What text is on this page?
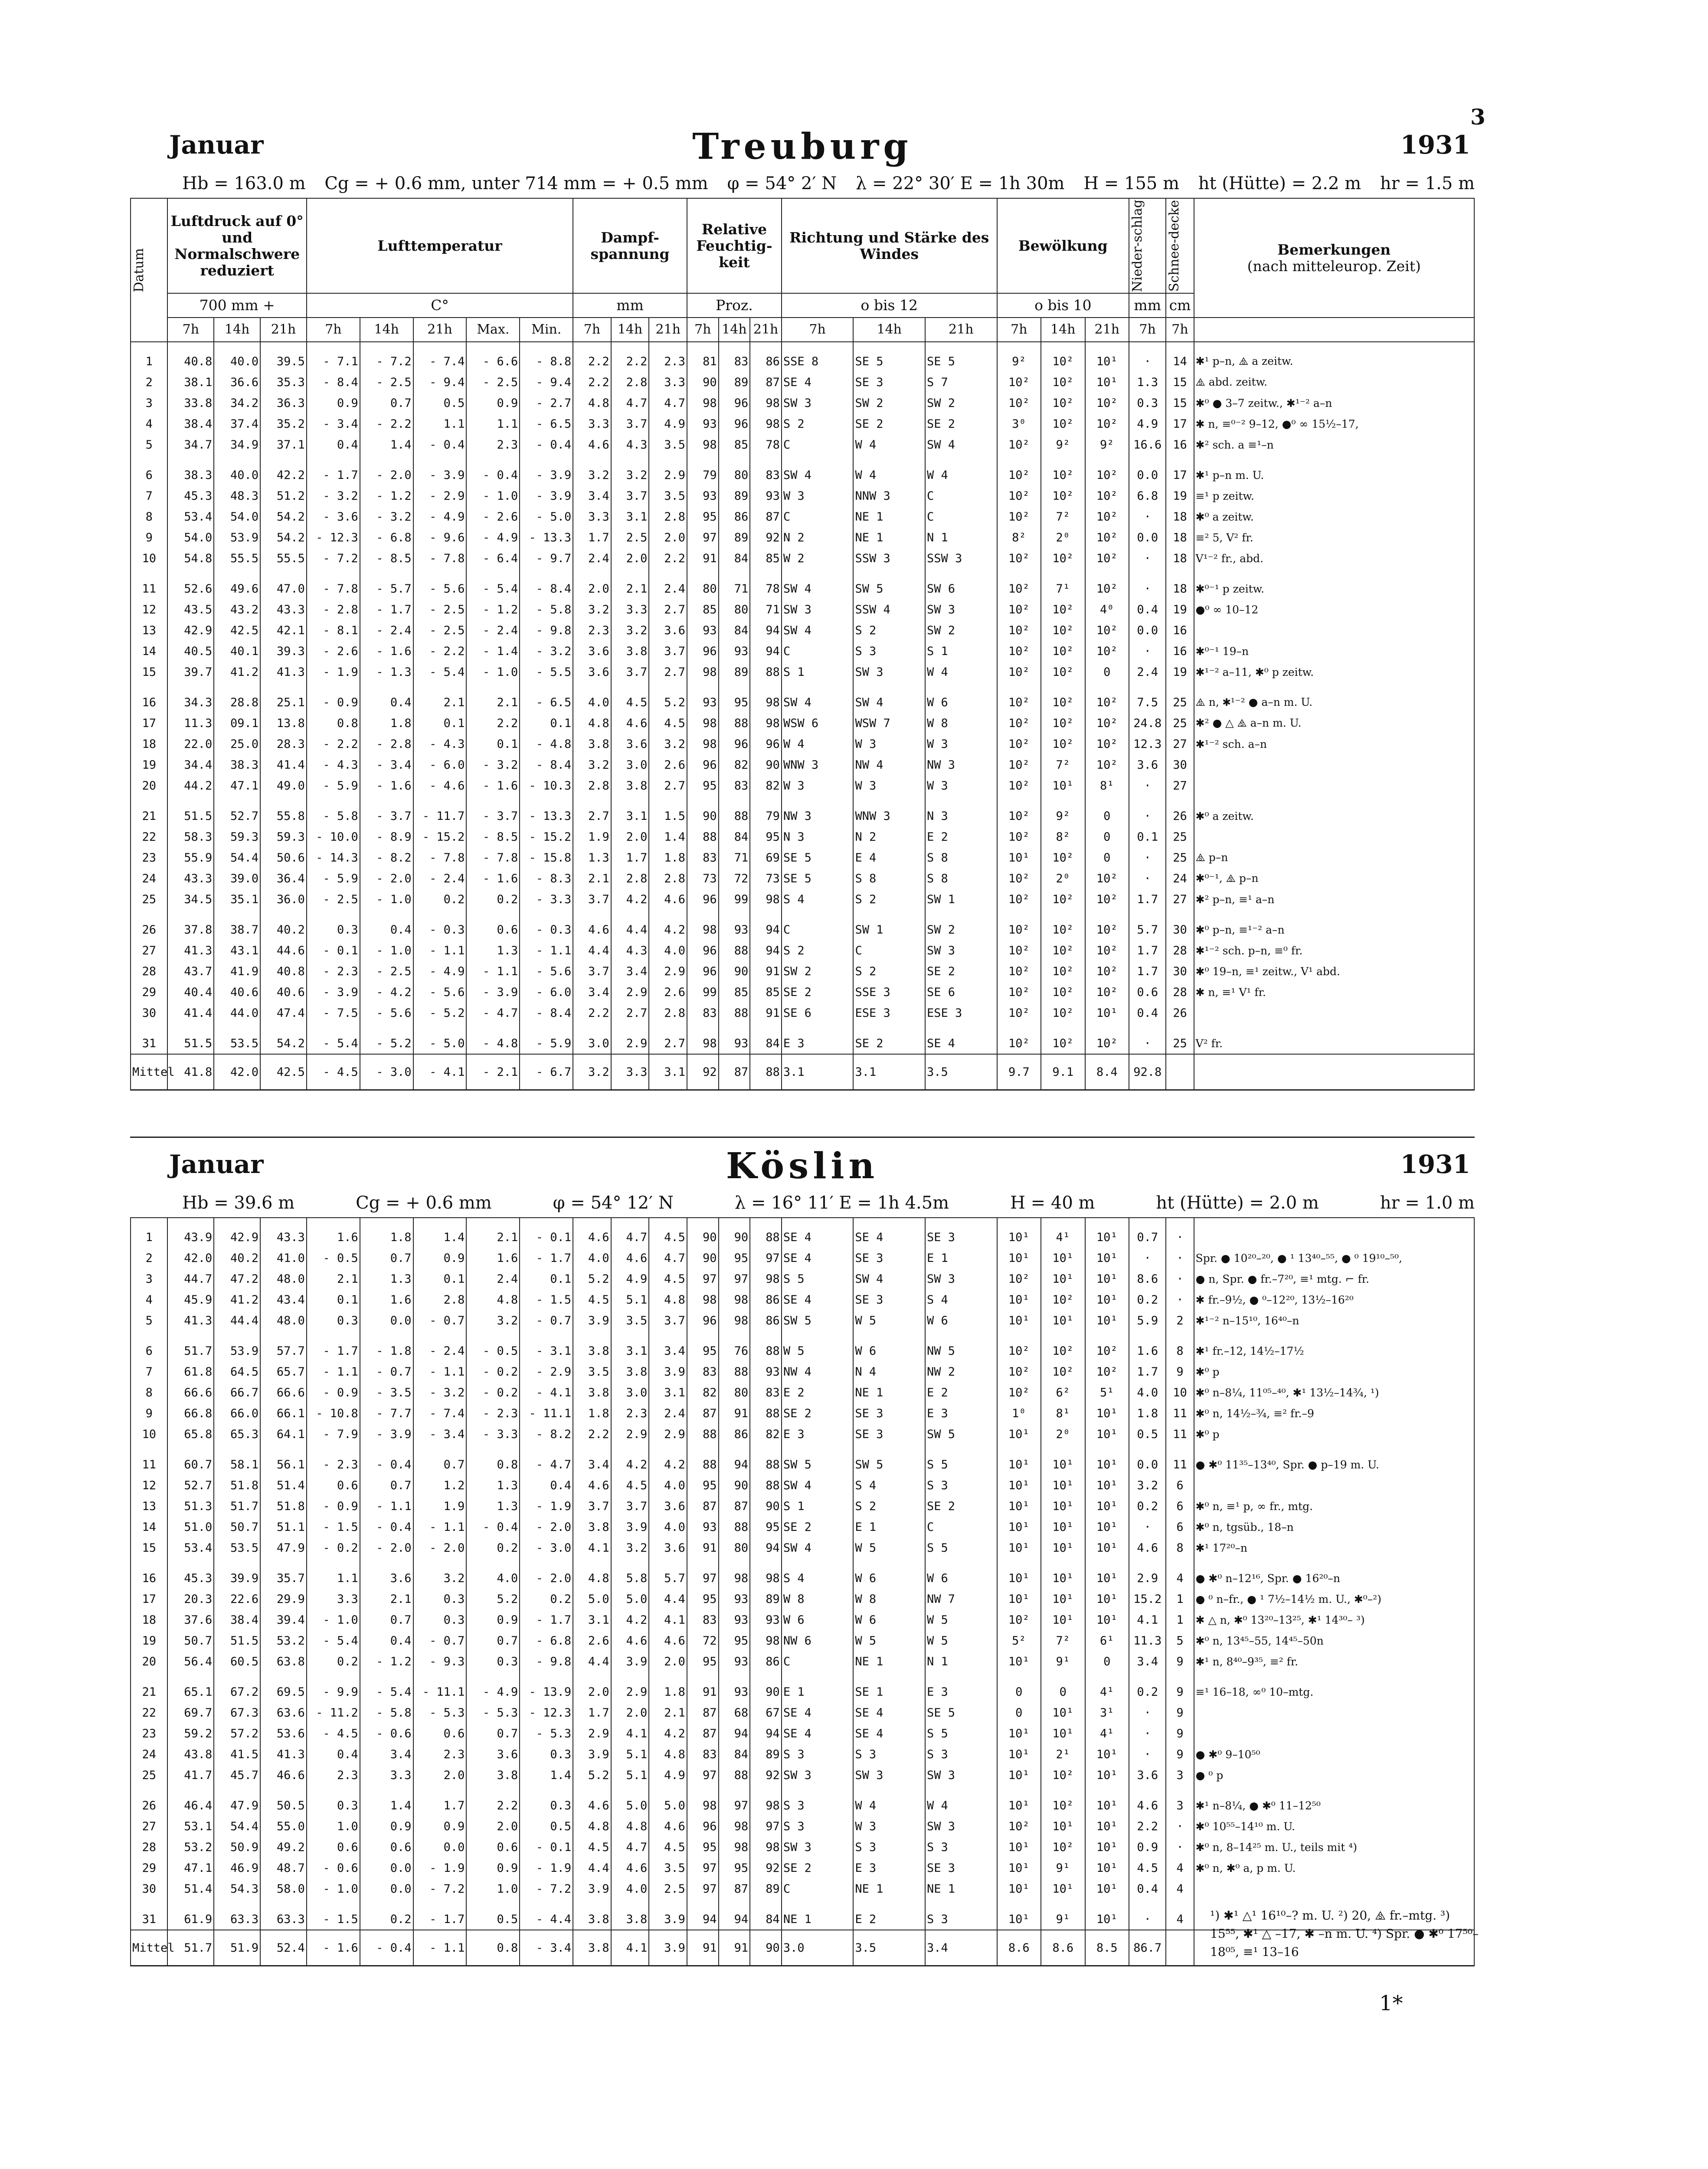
3
Januar	Treuburg	1931
Hb = 163.0 m Cg = + 0.6 mm, unter 714 mm = + 0.5 mm φ = 54° 2′ N λ = 22° 30′ E = 1h 30m H = 155 m ht (Hütte) = 2.2 m hr = 1.5 m
Datum	Luftdruck auf 0° und Normalschwere reduziert			Lufttemperatur					Dampf-spannung			Relative Feuchtig-keit			Richtung und Stärke des Windes			Bewölkung			Nieder-schlag	Schnee-decke	Bemerkungen
(nach mitteleurop. Zeit)

	700 mm +			C°					mm			Proz.			o bis 12			o bis 10			mm	cm	
	7h	14h	21h	7h	14h	21h	Max.	Min.	7h	14h	21h	7h	14h	21h	7h	14h	21h	7h	14h	21h	7h	7h	
1	40.8	40.0	39.5	- 7.1	- 7.2	- 7.4	- 6.6	- 8.8	2.2	2.2	2.3	81	83	86	SSE 8	SE 5	SE 5	9²	10²	10¹	·	14	✱¹ p–n, ⧌ a zeitw.
2	38.1	36.6	35.3	- 8.4	- 2.5	- 9.4	- 2.5	- 9.4	2.2	2.8	3.3	90	89	87	SE 4	SE 3	S 7	10²	10²	10¹	1.3	15	⧌ abd. zeitw.
3	33.8	34.2	36.3	0.9	0.7	0.5	0.9	- 2.7	4.8	4.7	4.7	98	96	98	SW 3	SW 2	SW 2	10²	10²	10²	0.3	15	✱⁰ ● 3–7 zeitw., ✱¹⁻² a–n
4	38.4	37.4	35.2	- 3.4	- 2.2	1.1	1.1	- 6.5	3.3	3.7	4.9	93	96	98	S 2	SE 2	SE 2	3⁰	10²	10²	4.9	17	✱ n, ≡⁰⁻² 9–12, ●⁰ ∞ 15½–17,
5	34.7	34.9	37.1	0.4	1.4	- 0.4	2.3	- 0.4	4.6	4.3	3.5	98	85	78	C	W 4	SW 4	10²	9²	9²	16.6	16	✱² sch. a ≡¹–n
6	38.3	40.0	42.2	- 1.7	- 2.0	- 3.9	- 0.4	- 3.9	3.2	3.2	2.9	79	80	83	SW 4	W 4	W 4	10²	10²	10²	0.0	17	✱¹ p–n m. U.
7	45.3	48.3	51.2	- 3.2	- 1.2	- 2.9	- 1.0	- 3.9	3.4	3.7	3.5	93	89	93	W 3	NNW 3	C	10²	10²	10²	6.8	19	≡¹ p zeitw.
8	53.4	54.0	54.2	- 3.6	- 3.2	- 4.9	- 2.6	- 5.0	3.3	3.1	2.8	95	86	87	C	NE 1	C	10²	7²	10²	·	18	✱⁰ a zeitw.
9	54.0	53.9	54.2	- 12.3	- 6.8	- 9.6	- 4.9	- 13.3	1.7	2.5	2.0	97	89	92	N 2	NE 1	N 1	8²	2⁰	10²	0.0	18	≡² 5, V² fr.
10	54.8	55.5	55.5	- 7.2	- 8.5	- 7.8	- 6.4	- 9.7	2.4	2.0	2.2	91	84	85	W 2	SSW 3	SSW 3	10²	10²	10²	·	18	V¹⁻² fr., abd.
11	52.6	49.6	47.0	- 7.8	- 5.7	- 5.6	- 5.4	- 8.4	2.0	2.1	2.4	80	71	78	SW 4	SW 5	SW 6	10²	7¹	10²	·	18	✱⁰⁻¹ p zeitw.
12	43.5	43.2	43.3	- 2.8	- 1.7	- 2.5	- 1.2	- 5.8	3.2	3.3	2.7	85	80	71	SW 3	SSW 4	SW 3	10²	10²	4⁰	0.4	19	●⁰ ∞ 10–12
13	42.9	42.5	42.1	- 8.1	- 2.4	- 2.5	- 2.4	- 9.8	2.3	3.2	3.6	93	84	94	SW 4	S 2	SW 2	10²	10²	10²	0.0	16	
14	40.5	40.1	39.3	- 2.6	- 1.6	- 2.2	- 1.4	- 3.2	3.6	3.8	3.7	96	93	94	C	S 3	S 1	10²	10²	10²	·	16	✱⁰⁻¹ 19–n
15	39.7	41.2	41.3	- 1.9	- 1.3	- 5.4	- 1.0	- 5.5	3.6	3.7	2.7	98	89	88	S 1	SW 3	W 4	10²	10²	0	2.4	19	✱¹⁻² a–11, ✱⁰ p zeitw.
16	34.3	28.8	25.1	- 0.9	0.4	2.1	2.1	- 6.5	4.0	4.5	5.2	93	95	98	SW 4	SW 4	W 6	10²	10²	10²	7.5	25	⧌ n, ✱¹⁻² ● a–n m. U.
17	11.3	09.1	13.8	0.8	1.8	0.1	2.2	0.1	4.8	4.6	4.5	98	88	98	WSW 6	WSW 7	W 8	10²	10²	10²	24.8	25	✱² ● △ ⧌ a–n m. U.
18	22.0	25.0	28.3	- 2.2	- 2.8	- 4.3	0.1	- 4.8	3.8	3.6	3.2	98	96	96	W 4	W 3	W 3	10²	10²	10²	12.3	27	✱¹⁻² sch. a–n
19	34.4	38.3	41.4	- 4.3	- 3.4	- 6.0	- 3.2	- 8.4	3.2	3.0	2.6	96	82	90	WNW 3	NW 4	NW 3	10²	7²	10²	3.6	30	
20	44.2	47.1	49.0	- 5.9	- 1.6	- 4.6	- 1.6	- 10.3	2.8	3.8	2.7	95	83	82	W 3	W 3	W 3	10²	10¹	8¹	·	27	
21	51.5	52.7	55.8	- 5.8	- 3.7	- 11.7	- 3.7	- 13.3	2.7	3.1	1.5	90	88	79	NW 3	WNW 3	N 3	10²	9²	0	·	26	✱⁰ a zeitw.
22	58.3	59.3	59.3	- 10.0	- 8.9	- 15.2	- 8.5	- 15.2	1.9	2.0	1.4	88	84	95	N 3	N 2	E 2	10²	8²	0	0.1	25	
23	55.9	54.4	50.6	- 14.3	- 8.2	- 7.8	- 7.8	- 15.8	1.3	1.7	1.8	83	71	69	SE 5	E 4	S 8	10¹	10²	0	·	25	⧌ p–n
24	43.3	39.0	36.4	- 5.9	- 2.0	- 2.4	- 1.6	- 8.3	2.1	2.8	2.8	73	72	73	SE 5	S 8	S 8	10²	2⁰	10²	·	24	✱⁰⁻¹, ⧌ p–n
25	34.5	35.1	36.0	- 2.5	- 1.0	0.2	0.2	- 3.3	3.7	4.2	4.6	96	99	98	S 4	S 2	SW 1	10²	10²	10²	1.7	27	✱² p–n, ≡¹ a–n
26	37.8	38.7	40.2	0.3	0.4	- 0.3	0.6	- 0.3	4.6	4.4	4.2	98	93	94	C	SW 1	SW 2	10²	10²	10²	5.7	30	✱⁰ p–n, ≡¹⁻² a–n
27	41.3	43.1	44.6	- 0.1	- 1.0	- 1.1	1.3	- 1.1	4.4	4.3	4.0	96	88	94	S 2	C	SW 3	10²	10²	10²	1.7	28	✱¹⁻² sch. p–n, ≡⁰ fr.
28	43.7	41.9	40.8	- 2.3	- 2.5	- 4.9	- 1.1	- 5.6	3.7	3.4	2.9	96	90	91	SW 2	S 2	SE 2	10²	10²	10²	1.7	30	✱⁰ 19–n, ≡¹ zeitw., V¹ abd.
29	40.4	40.6	40.6	- 3.9	- 4.2	- 5.6	- 3.9	- 6.0	3.4	2.9	2.6	99	85	85	SE 2	SSE 3	SE 6	10²	10²	10²	0.6	28	✱ n, ≡¹ V¹ fr.
30	41.4	44.0	47.4	- 7.5	- 5.6	- 5.2	- 4.7	- 8.4	2.2	2.7	2.8	83	88	91	SE 6	ESE 3	ESE 3	10²	10²	10¹	0.4	26	
31	51.5	53.5	54.2	- 5.4	- 5.2	- 5.0	- 4.8	- 5.9	3.0	2.9	2.7	98	93	84	E 3	SE 2	SE 4	10²	10²	10²	·	25	V² fr.
Mittel	41.8	42.0	42.5	- 4.5	- 3.0	- 4.1	- 2.1	- 6.7	3.2	3.3	3.1	92	87	88	3.1	3.1	3.5	9.7	9.1	8.4	92.8		
Januar	Köslin	1931
Hb = 39.6 m	Cg = + 0.6 mm	φ = 54° 12′ N	λ = 16° 11′ E = 1h 4.5m	H = 40 m	ht (Hütte) = 2.0 m	hr = 1.0 m
1	43.9	42.9	43.3	1.6	1.8	1.4	2.1	- 0.1	4.6	4.7	4.5	90	90	88	SE 4	SE 4	SE 3	10¹	4¹	10¹	0.7	·	
2	42.0	40.2	41.0	- 0.5	0.7	0.9	1.6	- 1.7	4.0	4.6	4.7	90	95	97	SE 4	SE 3	E 1	10¹	10¹	10¹	·	·	Spr. ● 10²⁰–²⁰, ● ¹ 13⁴⁰–⁵⁵, ● ⁰ 19¹⁰–⁵⁰,
3	44.7	47.2	48.0	2.1	1.3	0.1	2.4	0.1	5.2	4.9	4.5	97	97	98	S 5	SW 4	SW 3	10²	10¹	10¹	8.6	·	● n, Spr. ● fr.–7²⁰, ≡¹ mtg. ⌐ fr.
4	45.9	41.2	43.4	0.1	1.6	2.8	4.8	- 1.5	4.5	5.1	4.8	98	98	86	SE 4	SE 3	S 4	10¹	10²	10¹	0.2	·	✱ fr.–9½, ● ⁰–12²⁰, 13½–16²⁰
5	41.3	44.4	48.0	0.3	0.0	- 0.7	3.2	- 0.7	3.9	3.5	3.7	96	98	86	SW 5	W 5	W 6	10¹	10¹	10¹	5.9	2	✱¹⁻² n–15¹⁰, 16⁴⁰–n
6	51.7	53.9	57.7	- 1.7	- 1.8	- 2.4	- 0.5	- 3.1	3.8	3.1	3.4	95	76	88	W 5	W 6	NW 5	10²	10²	10²	1.6	8	✱¹ fr.–12, 14½–17½
7	61.8	64.5	65.7	- 1.1	- 0.7	- 1.1	- 0.2	- 2.9	3.5	3.8	3.9	83	88	93	NW 4	N 4	NW 2	10²	10²	10²	1.7	9	✱⁰ p
8	66.6	66.7	66.6	- 0.9	- 3.5	- 3.2	- 0.2	- 4.1	3.8	3.0	3.1	82	80	83	E 2	NE 1	E 2	10²	6²	5¹	4.0	10	✱⁰ n–8¼, 11⁰⁵–⁴⁰, ✱¹ 13½–14¾, ¹)
9	66.8	66.0	66.1	- 10.8	- 7.7	- 7.4	- 2.3	- 11.1	1.8	2.3	2.4	87	91	88	SE 2	SE 3	E 3	1⁰	8¹	10¹	1.8	11	✱⁰ n, 14½–¾, ≡² fr.–9
10	65.8	65.3	64.1	- 7.9	- 3.9	- 3.4	- 3.3	- 8.2	2.2	2.9	2.9	88	86	82	E 3	SE 3	SW 5	10¹	2⁰	10¹	0.5	11	✱⁰ p
11	60.7	58.1	56.1	- 2.3	- 0.4	0.7	0.8	- 4.7	3.4	4.2	4.2	88	94	88	SW 5	SW 5	S 5	10¹	10¹	10¹	0.0	11	● ✱⁰ 11³⁵–13⁴⁰, Spr. ● p–19 m. U.
12	52.7	51.8	51.4	0.6	0.7	1.2	1.3	0.4	4.6	4.5	4.0	95	90	88	SW 4	S 4	S 3	10¹	10¹	10¹	3.2	6	
13	51.3	51.7	51.8	- 0.9	- 1.1	1.9	1.3	- 1.9	3.7	3.7	3.6	87	87	90	S 1	S 2	SE 2	10¹	10¹	10¹	0.2	6	✱⁰ n, ≡¹ p, ∞ fr., mtg.
14	51.0	50.7	51.1	- 1.5	- 0.4	- 1.1	- 0.4	- 2.0	3.8	3.9	4.0	93	88	95	SE 2	E 1	C	10¹	10¹	10¹	·	6	✱⁰ n, tgsüb., 18–n
15	53.4	53.5	47.9	- 0.2	- 2.0	- 2.0	0.2	- 3.0	4.1	3.2	3.6	91	80	94	SW 4	W 5	S 5	10¹	10¹	10¹	4.6	8	✱¹ 17²⁰–n
16	45.3	39.9	35.7	1.1	3.6	3.2	4.0	- 2.0	4.8	5.8	5.7	97	98	98	S 4	W 6	W 6	10¹	10¹	10¹	2.9	4	● ✱⁰ n–12¹⁶, Spr. ● 16²⁰–n
17	20.3	22.6	29.9	3.3	2.1	0.3	5.2	0.2	5.0	5.0	4.4	95	93	89	W 8	W 8	NW 7	10¹	10¹	10¹	15.2	1	● ⁰ n–fr., ● ¹ 7½–14½ m. U., ✱⁰–²)
18	37.6	38.4	39.4	- 1.0	0.7	0.3	0.9	- 1.7	3.1	4.2	4.1	83	93	93	W 6	W 6	W 5	10²	10¹	10¹	4.1	1	✱ △ n, ✱⁰ 13²⁰–13²⁵, ✱¹ 14³⁰– ³)
19	50.7	51.5	53.2	- 5.4	0.4	- 0.7	0.7	- 6.8	2.6	4.6	4.6	72	95	98	NW 6	W 5	W 5	5²	7²	6¹	11.3	5	✱⁰ n, 13⁴⁵–55, 14⁴⁵–50n
20	56.4	60.5	63.8	0.2	- 1.2	- 9.3	0.3	- 9.8	4.4	3.9	2.0	95	93	86	C	NE 1	N 1	10¹	9¹	0	3.4	9	✱¹ n, 8⁴⁰–9³⁵, ≡² fr.
21	65.1	67.2	69.5	- 9.9	- 5.4	- 11.1	- 4.9	- 13.9	2.0	2.9	1.8	91	93	90	E 1	SE 1	E 3	0	0	4¹	0.2	9	≡¹ 16–18, ∞⁰ 10–mtg.
22	69.7	67.3	63.6	- 11.2	- 5.8	- 5.3	- 5.3	- 12.3	1.7	2.0	2.1	87	68	67	SE 4	SE 4	SE 5	0	10¹	3¹	·	9	
23	59.2	57.2	53.6	- 4.5	- 0.6	0.6	0.7	- 5.3	2.9	4.1	4.2	87	94	94	SE 4	SE 4	S 5	10¹	10¹	4¹	·	9	
24	43.8	41.5	41.3	0.4	3.4	2.3	3.6	0.3	3.9	5.1	4.8	83	84	89	S 3	S 3	S 3	10¹	2¹	10¹	·	9	● ✱⁰ 9–10⁵⁰
25	41.7	45.7	46.6	2.3	3.3	2.0	3.8	1.4	5.2	5.1	4.9	97	88	92	SW 3	SW 3	SW 3	10¹	10²	10¹	3.6	3	● ⁰ p
26	46.4	47.9	50.5	0.3	1.4	1.7	2.2	0.3	4.6	5.0	5.0	98	97	98	S 3	W 4	W 4	10¹	10²	10¹	4.6	3	✱¹ n–8¼, ● ✱⁰ 11–12⁵⁰
27	53.1	54.4	55.0	1.0	0.9	0.9	2.0	0.5	4.8	4.8	4.6	96	98	97	S 3	W 3	SW 3	10²	10¹	10¹	2.2	·	✱⁰ 10⁵⁵–14¹⁰ m. U.
28	53.2	50.9	49.2	0.6	0.6	0.0	0.6	- 0.1	4.5	4.7	4.5	95	98	98	SW 3	S 3	S 3	10¹	10²	10¹	0.9	·	✱⁰ n, 8–14²⁵ m. U., teils mit ⁴)
29	47.1	46.9	48.7	- 0.6	0.0	- 1.9	0.9	- 1.9	4.4	4.6	3.5	97	95	92	SE 2	E 3	SE 3	10¹	9¹	10¹	4.5	4	✱⁰ n, ✱⁰ a, p m. U.
30	51.4	54.3	58.0	- 1.0	0.0	- 7.2	1.0	- 7.2	3.9	4.0	2.5	97	87	89	C	NE 1	NE 1	10¹	10¹	10¹	0.4	4	
31	61.9	63.3	63.3	- 1.5	0.2	- 1.7	0.5	- 4.4	3.8	3.8	3.9	94	94	84	NE 1	E 2	S 3	10¹	9¹	10¹	·	4	
Mittel	51.7	51.9	52.4	- 1.6	- 0.4	- 1.1	0.8	- 3.4	3.8	4.1	3.9	91	91	90	3.0	3.5	3.4	8.6	8.6	8.5	86.7		
¹) ✱¹ △¹ 16¹⁰–? m. U. ²) 20, ⧌ fr.–mtg. ³) 15⁵⁵, ✱¹ △ –17, ✱ –n m. U. ⁴) Spr. ● ✱⁰ 17⁵⁰–18⁰⁵, ≡¹ 13–16
1*
